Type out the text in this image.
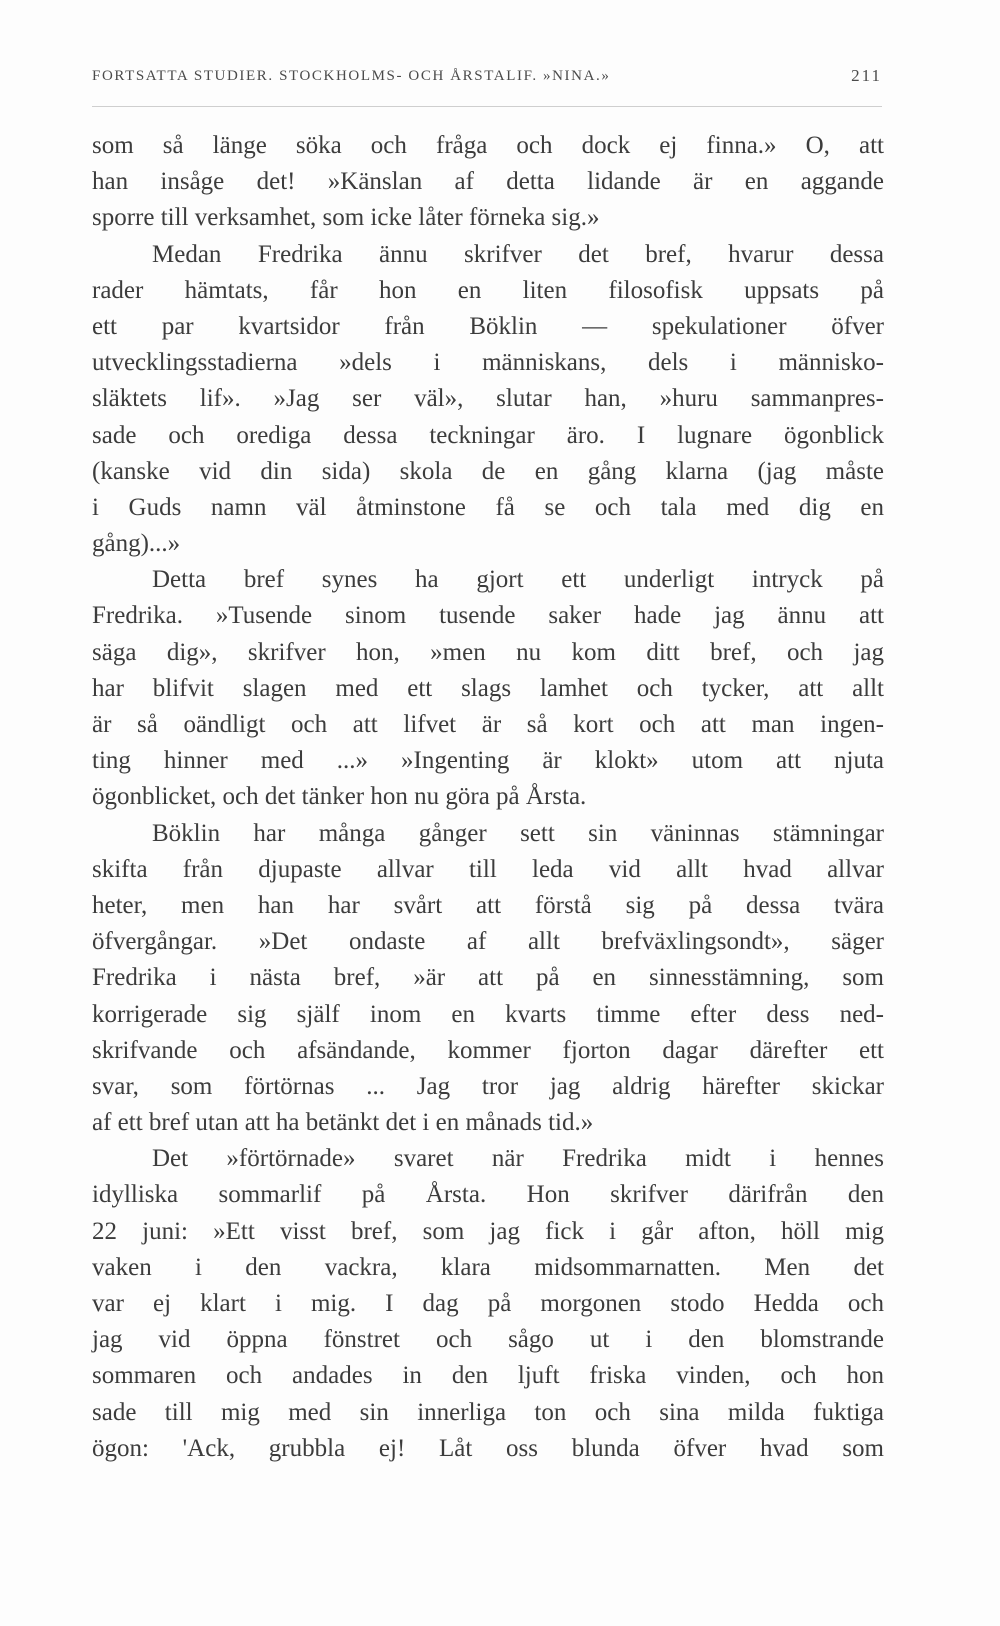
FORTSATTA STUDIER. STOCKHOLMS- OCH ÅRSTALIF. »NINA.»	211
som så länge söka och fråga och dock ej finna.» O, att
han insåge det! »Känslan af detta lidande är en aggande
sporre till verksamhet, som icke låter förneka sig.»
Medan Fredrika ännu skrifver det bref, hvarur dessa
rader hämtats, får hon en liten filosofisk uppsats på
ett par kvartsidor från Böklin — spekulationer öfver
utvecklingsstadierna »dels i människans, dels i människo-
släktets lif». »Jag ser väl», slutar han, »huru sammanpres-
sade och orediga dessa teckningar äro. I lugnare ögonblick
(kanske vid din sida) skola de en gång klarna (jag måste
i Guds namn väl åtminstone få se och tala med dig en
gång)...»
Detta bref synes ha gjort ett underligt intryck på
Fredrika. »Tusende sinom tusende saker hade jag ännu att
säga dig», skrifver hon, »men nu kom ditt bref, och jag
har blifvit slagen med ett slags lamhet och tycker, att allt
är så oändligt och att lifvet är så kort och att man ingen-
ting hinner med ...» »Ingenting är klokt» utom att njuta
ögonblicket, och det tänker hon nu göra på Årsta.
Böklin har många gånger sett sin väninnas stämningar
skifta från djupaste allvar till leda vid allt hvad allvar
heter, men han har svårt att förstå sig på dessa tvära
öfvergångar. »Det ondaste af allt brefväxlingsondt», säger
Fredrika i nästa bref, »är att på en sinnesstämning, som
korrigerade sig själf inom en kvarts timme efter dess ned-
skrifvande och afsändande, kommer fjorton dagar därefter ett
svar, som förtörnas ... Jag tror jag aldrig härefter skickar
af ett bref utan att ha betänkt det i en månads tid.»
Det »förtörnade» svaret när Fredrika midt i hennes
idylliska sommarlif på Årsta. Hon skrifver därifrån den
22 juni: »Ett visst bref, som jag fick i går afton, höll mig
vaken i den vackra, klara midsommarnatten. Men det
var ej klart i mig. I dag på morgonen stodo Hedda och
jag vid öppna fönstret och sågo ut i den blomstrande
sommaren och andades in den ljuft friska vinden, och hon
sade till mig med sin innerliga ton och sina milda fuktiga
ögon: 'Ack, grubbla ej! Låt oss blunda öfver hvad som
